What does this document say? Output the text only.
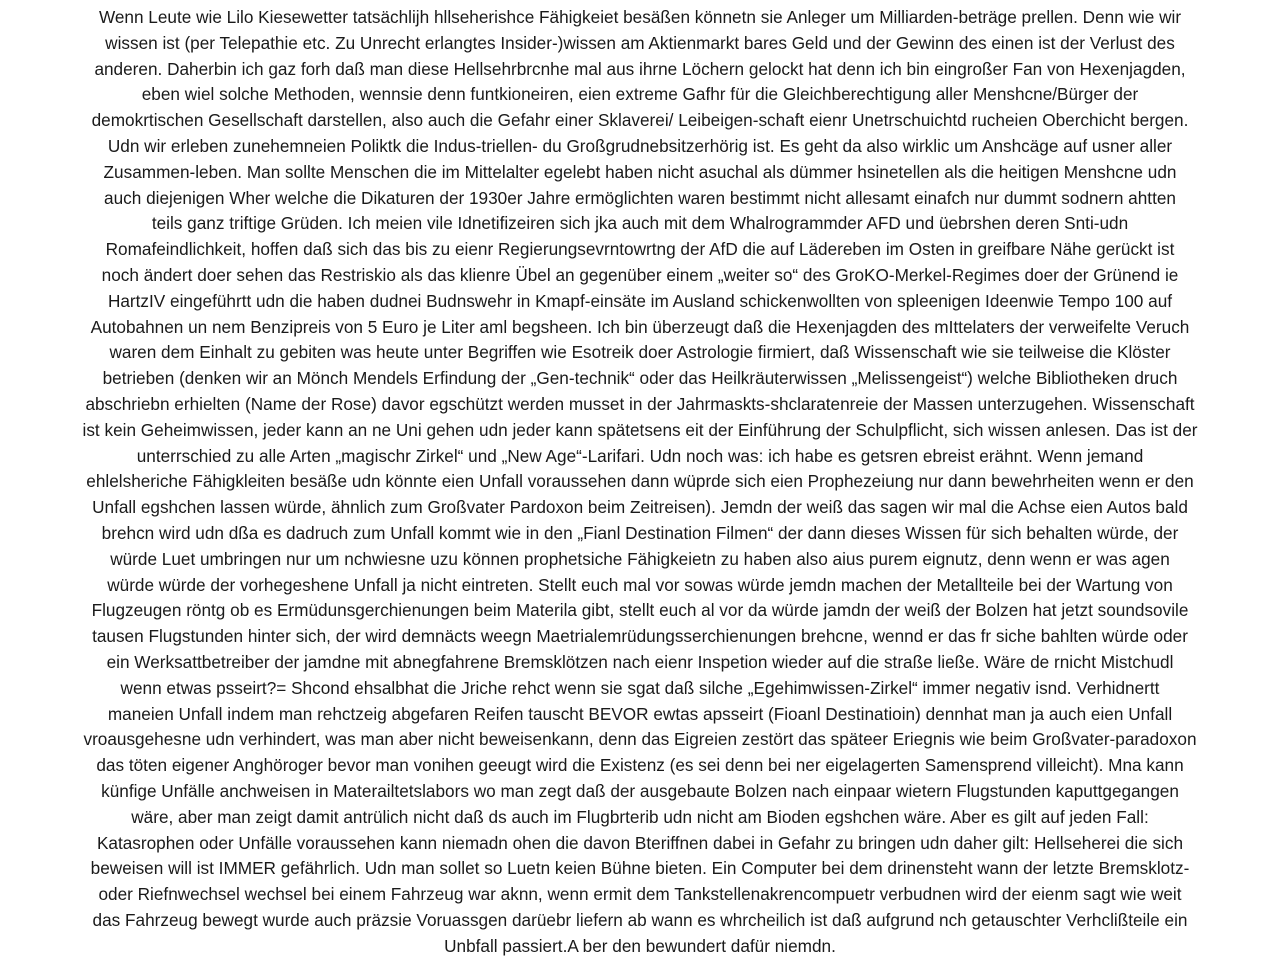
Wenn Leute wie Lilo Kiesewetter tatsächlijh hllseherishce Fähigkeiet besäßen könnetn sie Anleger um Milliarden-beträge prellen. Denn wie wir
wissen ist (per Telepathie etc. Zu Unrecht erlangtes Insider-)wissen am Aktienmarkt bares Geld und der Gewinn des einen ist der Verlust des
anderen. Daherbin ich gaz forh daß man diese Hellsehrbrcnhe mal aus ihrne Löchern gelockt hat denn ich bin eingroßer Fan von Hexenjagden,
eben wiel solche Methoden, wennsie denn funtkioneiren, eien extreme Gafhr für die Gleichberechtigung aller Menshcne/Bürger der
demokrtischen Gesellschaft darstellen, also auch die Gefahr einer Sklaverei/ Leibeigen-schaft eienr Unetrschuichtd rucheien Oberchicht bergen.
Udn wir erleben zunehemneien Poliktk die Indus-triellen- du Großgrudnebsitzerhörig ist. Es geht da also wirklic um Anshcäge auf usner aller
Zusammen-leben. Man sollte Menschen die im Mittelalter egelebt haben nicht asuchal als dümmer hsinetellen als die heitigen Menshcne udn
auch diejenigen Wher welche die Dikaturen der 1930er Jahre ermöglichten waren bestimmt nicht allesamt einafch nur dummt sodnern ahtten
teils ganz triftige Grüden. Ich meien vile Idnetifizeiren sich jka auch mit dem Whalrogrammder AFD und üebrshen deren Snti-udn
Romafeindlichkeit, hoffen daß sich das bis zu eienr Regierungsevrntowrtng der AfD die auf Lädereben im Osten in greifbare Nähe gerückt ist
noch ändert doer sehen das Restriskio als das klienre Übel an gegenüber einem „weiter so“ des GroKO-Merkel-Regimes doer der Grünend ie
HartzIV eingeführtt udn die haben dudnei Budnswehr in Kmapf-einsäte im Ausland schickenwollten von spleenigen Ideenwie Tempo 100 auf
Autobahnen un nem Benzipreis von 5 Euro je Liter aml begsheen. Ich bin überzeugt daß die Hexenjagden des mIttelaters der verweifelte Veruch
waren dem Einhalt zu gebiten was heute unter Begriffen wie Esotreik doer Astrologie firmiert, daß Wissenschaft wie sie teilweise die Klöster
betrieben (denken wir an Mönch Mendels Erfindung der „Gen-technik“ oder das Heilkräuterwissen „Melissengeist“) welche Bibliotheken druch
abschriebn erhielten (Name der Rose) davor egschützt werden musset in der Jahrmaskts-shclaratenreie der Massen unterzugehen. Wissenschaft
ist kein Geheimwissen, jeder kann an ne Uni gehen udn jeder kann spätetsens eit der Einführung der Schulpflicht, sich wissen anlesen. Das ist der
unterrschied zu alle Arten „magischr Zirkel“ und „New Age“-Larifari. Udn noch was: ich habe es getsren ebreist erähnt. Wenn jemand
ehlelsheriche Fähigkleiten besäße udn könnte eien Unfall voraussehen dann wüprde sich eien Prophezeiung nur dann bewehrheiten wenn er den
Unfall egshchen lassen würde, ähnlich zum Großvater Pardoxon beim Zeitreisen). Jemdn der weiß das sagen wir mal die Achse eien Autos bald
brehcn wird udn dßa es dadruch zum Unfall kommt wie in den „Fianl Destination Filmen“ der dann dieses Wissen für sich behalten würde, der
würde Luet umbringen nur um nchwiesne uzu können prophetsiche Fähigkeietn zu haben also aius purem eignutz, denn wenn er was agen
würde würde der vorhegeshene Unfall ja nicht eintreten. Stellt euch mal vor sowas würde jemdn machen der Metallteile bei der Wartung von
Flugzeugen röntg ob es Ermüdunsgerchienungen beim Materila gibt, stellt euch al vor da würde jamdn der weiß der Bolzen hat jetzt soundsovile
tausen Flugstunden hinter sich, der wird demnäcts weegn Maetrialemrüdungsserchienungen brehcne, wennd er das fr siche bahlten würde oder
ein Werksattbetreiber der jamdne mit abnegfahrene Bremsklötzen nach eienr Inspetion wieder auf die straße ließe. Wäre de rnicht Mistchudl
wenn etwas psseirt?= Shcond ehsalbhat die Jriche rehct wenn sie sgat daß silche „Egehimwissen-Zirkel“ immer negativ isnd. Verhidnertt
maneien Unfall indem man rehctzeig abgefaren Reifen tauscht BEVOR ewtas apsseirt (Fioanl Destinatioin) dennhat man ja auch eien Unfall
vroausgehesne udn verhindert, was man aber nicht beweisenkann, denn das Eigreien zestört das späteer Eriegnis wie beim Großvater-paradoxon
das töten eigener Anghöroger bevor man vonihen geeugt wird die Existenz (es sei denn bei ner eigelagerten Samensprend villeicht). Mna kann
künfige Unfälle anchweisen in Materailtetslabors wo man zegt daß der ausgebaute Bolzen nach einpaar wietern Flugstunden kaputtgegangen
wäre, aber man zeigt damit antrülich nicht daß ds auch im Flugbrterib udn nicht am Bioden egshchen wäre. Aber es gilt auf jeden Fall:
Katasrophen oder Unfälle voraussehen kann niemadn ohen die davon Bteriffnen dabei in Gefahr zu bringen udn daher gilt: Hellseherei die sich
beweisen will ist IMMER gefährlich. Udn man sollet so Luetn keien Bühne bieten. Ein Computer bei dem drinensteht wann der letzte Bremsklotz-
oder Riefnwechsel wechsel bei einem Fahrzeug war aknn, wenn ermit dem Tankstellenakrencompuetr verbudnen wird der eienm sagt wie weit
das Fahrzeug bewegt wurde auch präzsie Voruassgen darüebr liefern ab wann es whrcheilich ist daß aufgrund nch getauschter Verhclißteile ein
Unbfall passiert.A ber den bewundert dafür niemdn.
